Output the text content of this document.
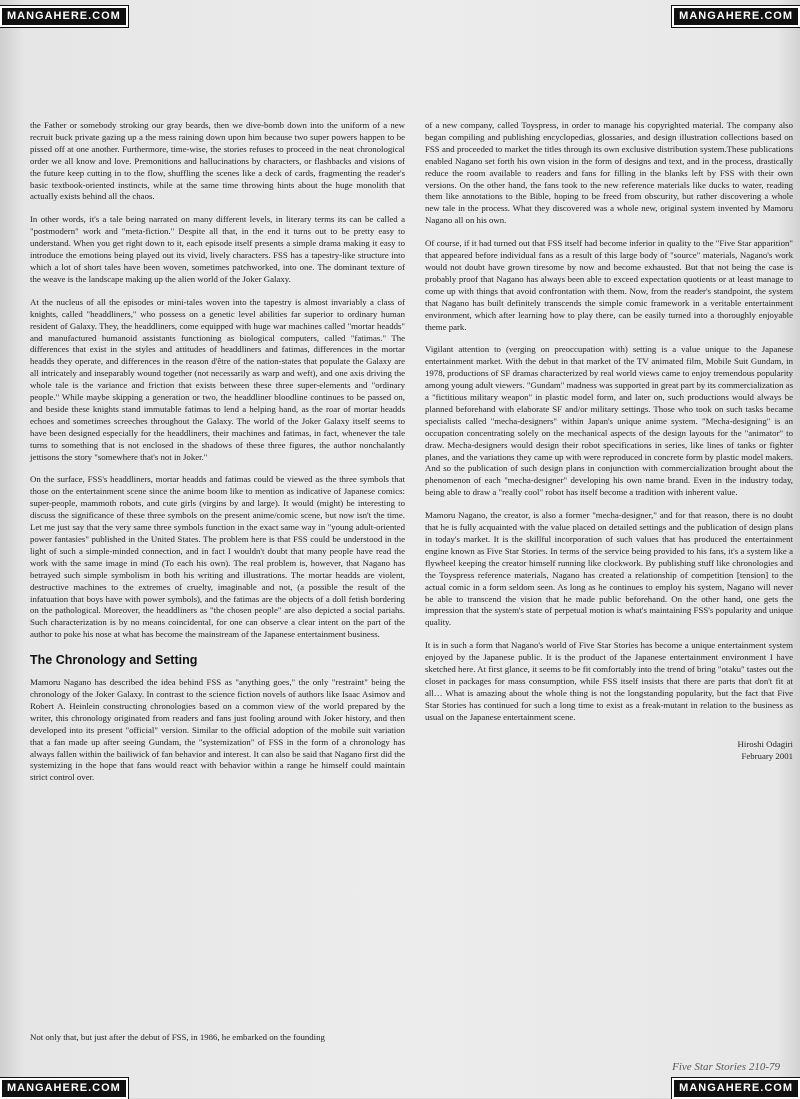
MANGAHERE.COM	MANGAHERE.COM
MANGAHERE.COM	MANGAHERE.COM

the Father or somebody stroking our gray beards, then we dive-bomb down into the uniform of a new recruit buck private gazing up a the mess raining down upon him because two super powers happen to be pissed off at one another. Furthermore, time-wise, the stories refuses to proceed in the neat chronological order we all know and love. Premonitions and hallucinations by characters, or flashbacks and visions of the future keep cutting in to the flow, shuffling the scenes like a deck of cards, fragmenting the reader's basic textbook-oriented instincts, while at the same time throwing hints about the huge monolith that actually exists behind all the chaos.

In other words, it's a tale being narrated on many different levels, in literary terms its can be called a "postmodern" work and "meta-fiction." Despite all that, in the end it turns out to be pretty easy to understand. When you get right down to it, each episode itself presents a simple drama making it easy to introduce the emotions being played out its vivid, lively characters. FSS has a tapestry-like structure into which a lot of short tales have been woven, sometimes patchworked, into one. The dominant texture of the weave is the landscape making up the alien world of the Joker Galaxy.

At the nucleus of all the episodes or mini-tales woven into the tapestry is almost invariably a class of knights, called "headdliners," who possess on a genetic level abilities far superior to ordinary human resident of Galaxy. They, the headdliners, come equipped with huge war machines called "mortar headds" and manufactured humanoid assistants functioning as biological computers, called "fatimas." The differences that exist in the styles and attitudes of headdliners and fatimas, differences in the mortar headds they operate, and differences in the reason d'être of the nation-states that populate the Galaxy are all intricately and inseparably wound together (not necessarily as warp and weft), and one axis driving the whole tale is the variance and friction that exists between these three super-elements and "ordinary people." While maybe skipping a generation or two, the headdliner bloodline continues to be passed on, and beside these knights stand immutable fatimas to lend a helping hand, as the roar of mortar headds echoes and sometimes screeches throughout the Galaxy. The world of the Joker Galaxy itself seems to have been designed especially for the headdliners, their machines and fatimas, in fact, whenever the tale turns to something that is not enclosed in the shadows of these three figures, the author nonchalantly jettisons the story "somewhere that's not in Joker."

On the surface, FSS's headdliners, mortar headds and fatimas could be viewed as the three symbols that those on the entertainment scene since the anime boom like to mention as indicative of Japanese comics: super-people, mammoth robots, and cute girls (virgins by and large). It would (might) be interesting to discuss the significance of these three symbols on the present anime/comic scene, but now isn't the time. Let me just say that the very same three symbols function in the exact same way in "young adult-oriented power fantasies" published in the United States. The problem here is that FSS could be understood in the light of such a simple-minded connection, and in fact I wouldn't doubt that many people have read the work with the same image in mind (To each his own). The real problem is, however, that Nagano has betrayed such simple symbolism in both his writing and illustrations. The mortar headds are violent, destructive machines to the extremes of cruelty, imaginable and not, (a possible the result of the infatuation that boys have with power symbols), and the fatimas are the objects of a doll fetish bordering on the pathological. Moreover, the headdliners as "the chosen people" are also depicted a social pariahs. Such characterization is by no means coincidental, for one can observe a clear intent on the part of the author to poke his nose at what has become the mainstream of the Japanese entertainment business.

The Chronology and Setting

Mamoru Nagano has described the idea behind FSS as "anything goes," the only "restraint" being the chronology of the Joker Galaxy. In contrast to the science fiction novels of authors like Isaac Asimov and Robert A. Heinlein constructing chronologies based on a common view of the world prepared by the writer, this chronology originated from readers and fans just fooling around with Joker history, and then developed into its present "official" version. Similar to the official adoption of the mobile suit variation that a fan made up after seeing Gundam, the "systemization" of FSS in the form of a chronology has always fallen within the bailiwick of fan behavior and interest. It can also be said that Nagano first did the systemizing in the hope that fans would react with behavior within a range he himself could maintain strict control over.

Not only that, but just after the debut of FSS, in 1986, he embarked on the founding

of a new company, called Toyspress, in order to manage his copyrighted material. The company also began compiling and publishing encyclopedias, glossaries, and design illustration collections based on FSS and proceeded to market the titles through its own exclusive distribution system.These publications enabled Nagano set forth his own vision in the form of designs and text, and in the process, drastically reduce the room available to readers and fans for filling in the blanks left by FSS with their own versions. On the other hand, the fans took to the new reference materials like ducks to water, reading them like annotations to the Bible, hoping to be freed from obscurity, but rather discovering a whole new tale in the process. What they discovered was a whole new, original system invented by Mamoru Nagano all on his own.

Of course, if it had turned out that FSS itself had become inferior in quality to the "Five Star apparition" that appeared before individual fans as a result of this large body of "source" materials, Nagano's work would not doubt have grown tiresome by now and become exhausted. But that not being the case is probably proof that Nagano has always been able to exceed expectation quotients or at least manage to come up with things that avoid confrontation with them. Now, from the reader's standpoint, the system that Nagano has built definitely transcends the simple comic framework in a veritable entertainment environment, which after learning how to play there, can be easily turned into a thoroughly enjoyable theme park.

Vigilant attention to (verging on preoccupation with) setting is a value unique to the Japanese entertainment market. With the debut in that market of the TV animated film, Mobile Suit Gundam, in 1978, productions of SF dramas characterized by real world views came to enjoy tremendous popularity among young adult viewers. "Gundam" madness was supported in great part by its commercialization as a "fictitious military weapon" in plastic model form, and later on, such productions would always be planned beforehand with elaborate SF and/or military settings. Those who took on such tasks became specialists called "mecha-designers" within Japan's unique anime system. "Mecha-designing" is an occupation concentrating solely on the mechanical aspects of the design layouts for the "animator" to draw. Mecha-designers would design their robot specifications in series, like lines of tanks or fighter planes, and the variations they came up with were reproduced in concrete form by plastic model makers. And so the publication of such design plans in conjunction with commercialization brought about the phenomenon of each "mecha-designer" developing his own name brand. Even in the industry today, being able to draw a "really cool" robot has itself become a tradition with inherent value.

Mamoru Nagano, the creator, is also a former "mecha-designer," and for that reason, there is no doubt that he is fully acquainted with the value placed on detailed settings and the publication of design plans in today's market. It is the skillful incorporation of such values that has produced the entertainment engine known as Five Star Stories. In terms of the service being provided to his fans, it's a system like a flywheel keeping the creator himself running like clockwork. By publishing stuff like chronologies and the Toyspress reference materials, Nagano has created a relationship of competition [tension] to the actual comic in a form seldom seen. As long as he continues to employ his system, Nagano will never be able to transcend the vision that he made public beforehand. On the other hand, one gets the impression that the system's state of perpetual motion is what's maintaining FSS's popularity and unique quality.

It is in such a form that Nagano's world of Five Star Stories has become a unique entertainment system enjoyed by the Japanese public. It is the product of the Japanese entertainment environment I have sketched here. At first glance, it seems to be fit comfortably into the trend of bring "otaku" tastes out the closet in packages for mass consumption, while FSS itself insists that there are parts that don't fit at all… What is amazing about the whole thing is not the longstanding popularity, but the fact that Five Star Stories has continued for such a long time to exist as a freak-mutant in relation to the business as usual on the Japanese entertainment scene.

Hiroshi Odagiri
February 2001
Five Star Stories 210-79
